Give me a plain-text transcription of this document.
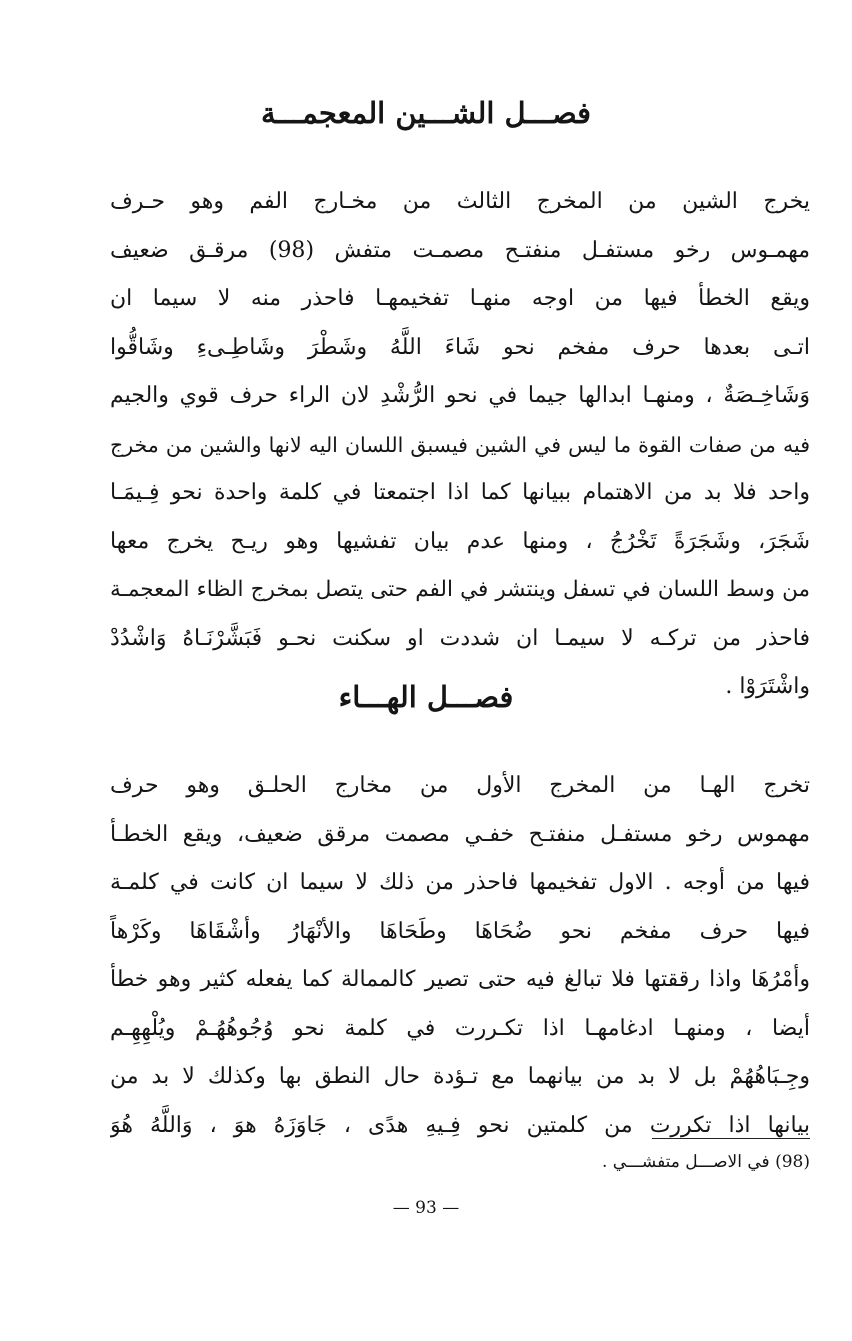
فصـــل الشـــين المعجمـــة
يخرج الشين من المخرج الثالث من مخـارج الفم وهو حـرف
مهمـوس رخو مستفـل منفتـح مصمـت متفش (98) مرقـق ضعيف
ويقع الخطأ فيها من اوجه منهـا تفخيمهـا فاحذر منه لا سيما ان
اتـى بعدها حرف مفخم نحو شَاءَ اللَّهُ وشَطْرَ وشَاطِـىءِ وشَاقُّوا
وَشَاخِـصَةٌ ، ومنهـا ابدالها جيما في نحو الرُّشْدِ لان الراء حرف قوي والجيم
فيه من صفات القوة ما ليس في الشين فيسبق اللسان اليه لانها والشين من مخرج
واحد فلا بد من الاهتمام ببيانها كما اذا اجتمعتا في كلمة واحدة نحو فِـيمَـا
شَجَرَ، وشَجَرَةً تَخْرُجُ ، ومنها عدم بيان تفشيها وهو ريـح يخرج معها
من وسط اللسان في تسفل وينتشر في الفم حتى يتصل بمخرج الظاء المعجمـة
فاحذر من تركـه لا سيمـا ان شددت او سكنت نحـو فَبَشَّرْنَـاهُ وَاشْدُدْ
واشْتَرَوْا .
فصـــل الهـــاء
تخرج الهـا من المخرج الأول من مخارج الحلـق وهو حرف
مهموس رخو مستفـل منفتـح خفـي مصمت مرقق ضعيف، ويقع الخطـأ
فيها من أوجه . الاول تفخيمها فاحذر من ذلك لا سيما ان كانت في كلمـة
فيها حرف مفخم نحو ضُحَاهَا وطَحَاهَا والأنْهَارُ وأشْقَاهَا وكَرْهاً
وأمْرُهَا واذا رققتها فلا تبالغ فيه حتى تصير كالممالة كما يفعله كثير وهو خطأ
أيضا ، ومنهـا ادغامهـا اذا تكـررت في كلمة نحو وُجُوهُهُـمْ ويُلْهِهِـم
وجِـبَاهُهُمْ بل لا بد من بيانهما مع تـؤدة حال النطق بها وكذلك لا بد من
بيانها اذا تكررت من كلمتين نحو فِـيهِ هدًى ، جَاوَزَهُ هوَ ، وَاللَّهُ هُوَ
(98) في الاصـــل متفشـــي .
— 93 —
